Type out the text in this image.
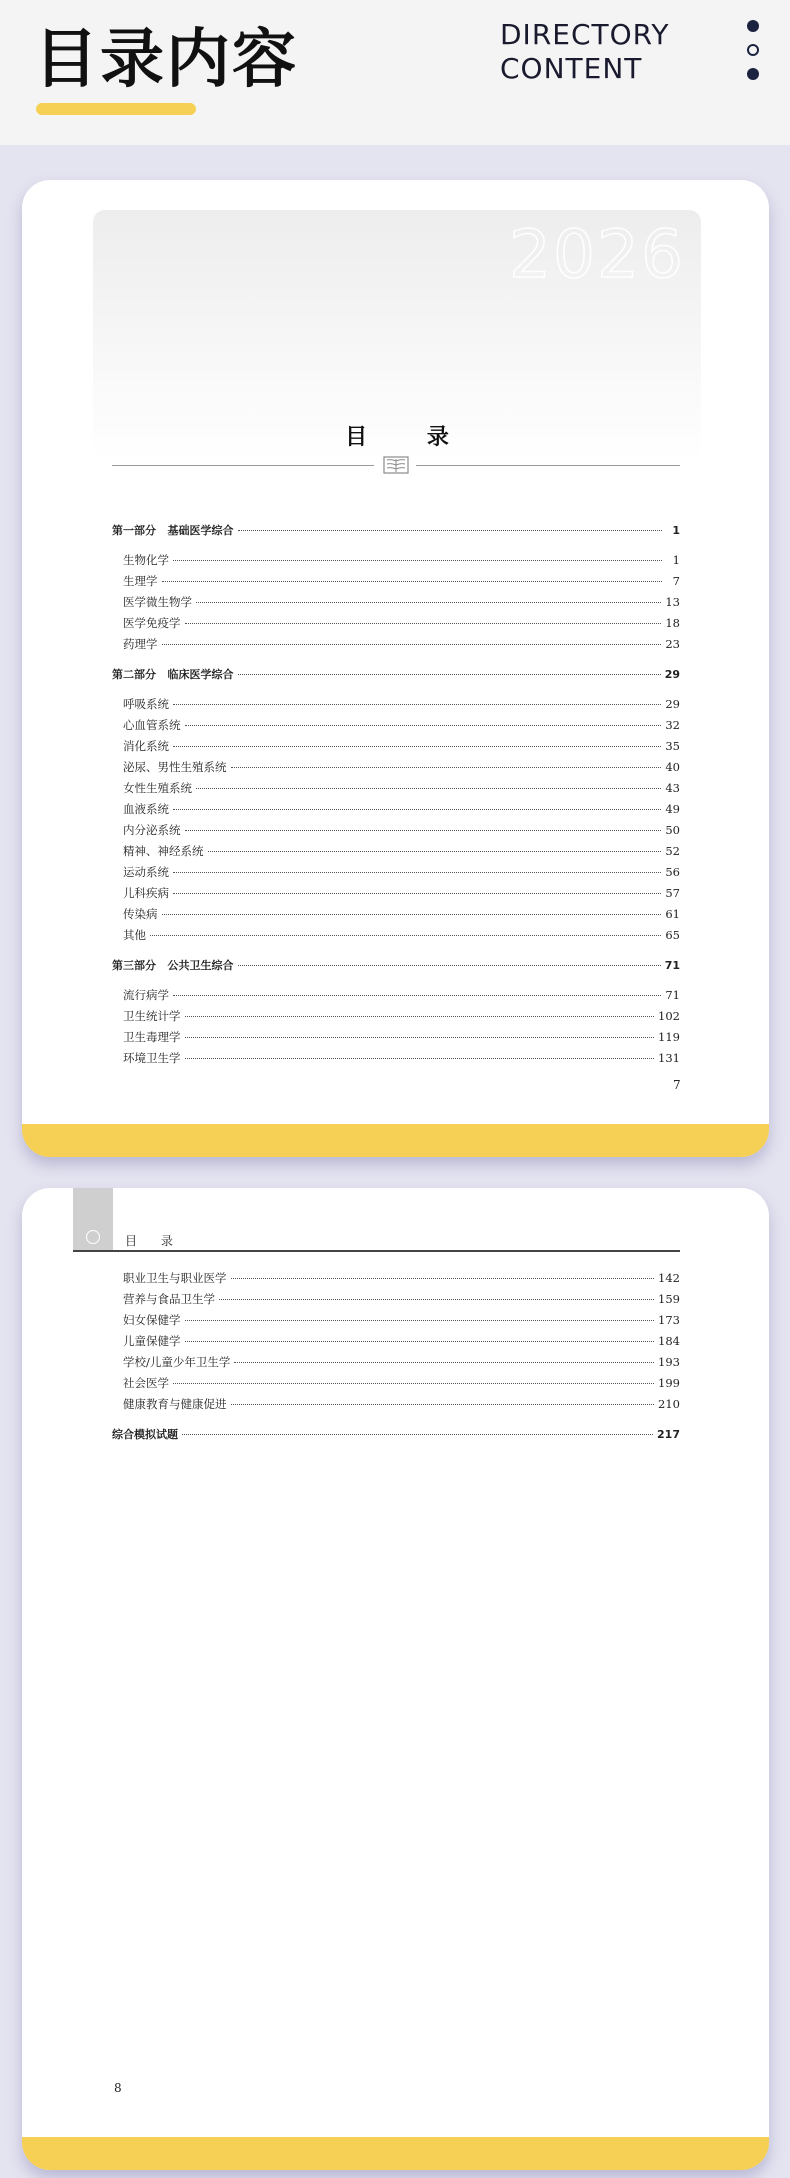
目录内容	DIRECTORY
CONTENT
2026
目 录
第一部分   基础医学综合	1
生物化学	1
生理学	7
医学微生物学	13
医学免疫学	18
药理学	23
第二部分   临床医学综合	29
呼吸系统	29
心血管系统	32
消化系统	35
泌尿、男性生殖系统	40
女性生殖系统	43
血液系统	49
内分泌系统	50
精神、神经系统	52
运动系统	56
儿科疾病	57
传染病	61
其他	65
第三部分   公共卫生综合	71
流行病学	71
卫生统计学	102
卫生毒理学	119
环境卫生学	131
7
目 录
职业卫生与职业医学	142
营养与食品卫生学	159
妇女保健学	173
儿童保健学	184
学校/儿童少年卫生学	193
社会医学	199
健康教育与健康促进	210
综合模拟试题	217
8
